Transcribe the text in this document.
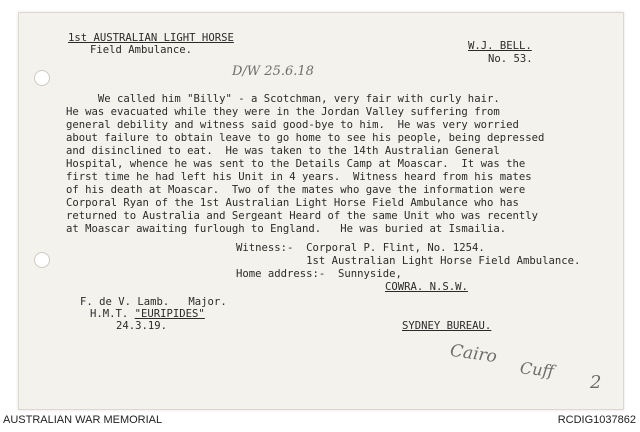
1st AUSTRALIAN LIGHT HORSE

Field Ambulance.	W.J. BELL.

No. 53.

D/W 25.6.18

We called him "Billy" - a Scotchman, very fair with curly hair.

He was evacuated while they were in the Jordan Valley suffering from

general debility and witness said good-bye to him.  He was very worried

about failure to obtain leave to go home to see his people, being depressed

and disinclined to eat.  He was taken to the 14th Australian General

Hospital, whence he was sent to the Details Camp at Moascar.  It was the

first time he had left his Unit in 4 years.  Witness heard from his mates

of his death at Moascar.  Two of the mates who gave the information were

Corporal Ryan of the 1st Australian Light Horse Field Ambulance who has

returned to Australia and Sergeant Heard of the same Unit who was recently

at Moascar awaiting furlough to England.   He was buried at Ismailia.

Witness:-  Corporal P. Flint, No. 1254.

1st Australian Light Horse Field Ambulance.

Home address:-  Sunnyside,

COWRA. N.S.W.

F. de V. Lamb.   Major.

H.M.T. "EURIPIDES"

24.3.19.	SYDNEY BUREAU.

Cairo
Cuff
2
AUSTRALIAN WAR MEMORIAL	RCDIG1037862
